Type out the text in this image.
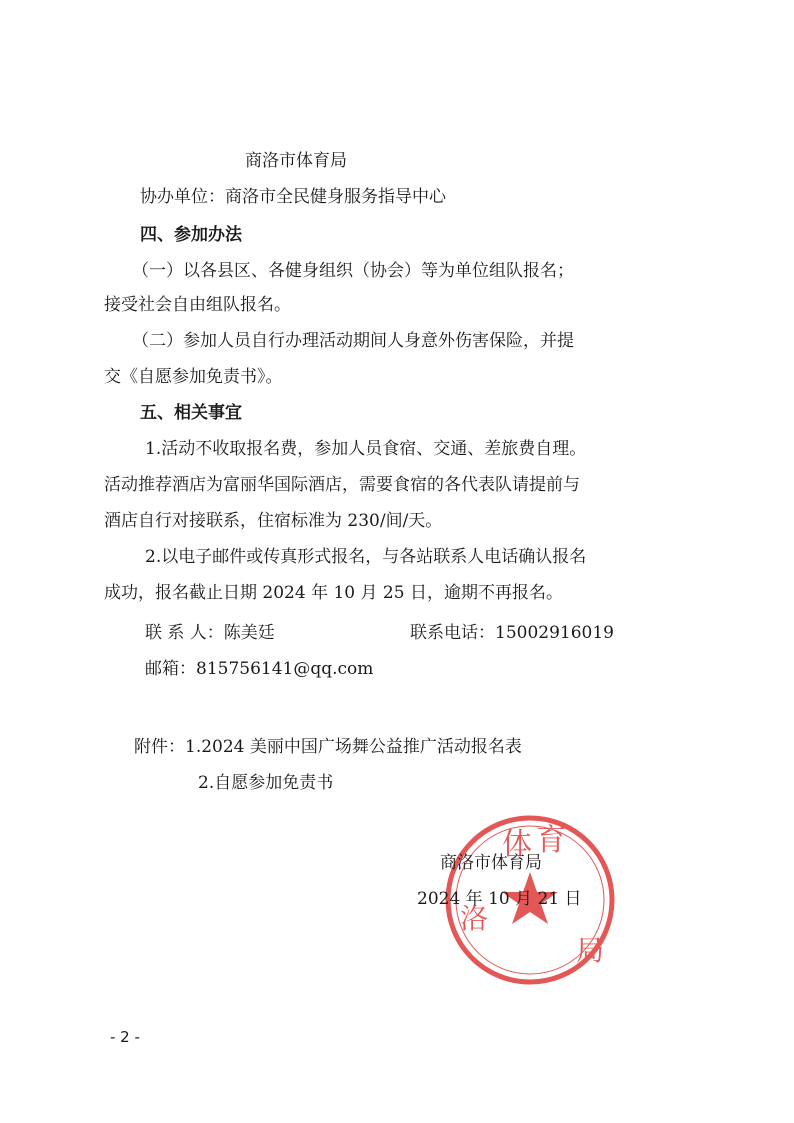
商洛市体育局
协办单位：商洛市全民健身服务指导中心
四、参加办法
（一）以各县区、各健身组织（协会）等为单位组队报名；
接受社会自由组队报名。
（二）参加人员自行办理活动期间人身意外伤害保险，并提
交《自愿参加免责书》。
五、相关事宜
1.活动不收取报名费，参加人员食宿、交通、差旅费自理。
活动推荐酒店为富丽华国际酒店，需要食宿的各代表队请提前与
酒店自行对接联系，住宿标准为 230/间/天。
2.以电子邮件或传真形式报名，与各站联系人电话确认报名
成功，报名截止日期 2024 年 10 月 25 日，逾期不再报名。
联 系 人：陈美廷	联系电话：15002916019
邮箱：815756141@qq.com
附件：1.2024 美丽中国广场舞公益推广活动报名表
2.自愿参加免责书
体 育
洛
局
商洛市体育局
2024 年 10 月 21 日
- 2 -
